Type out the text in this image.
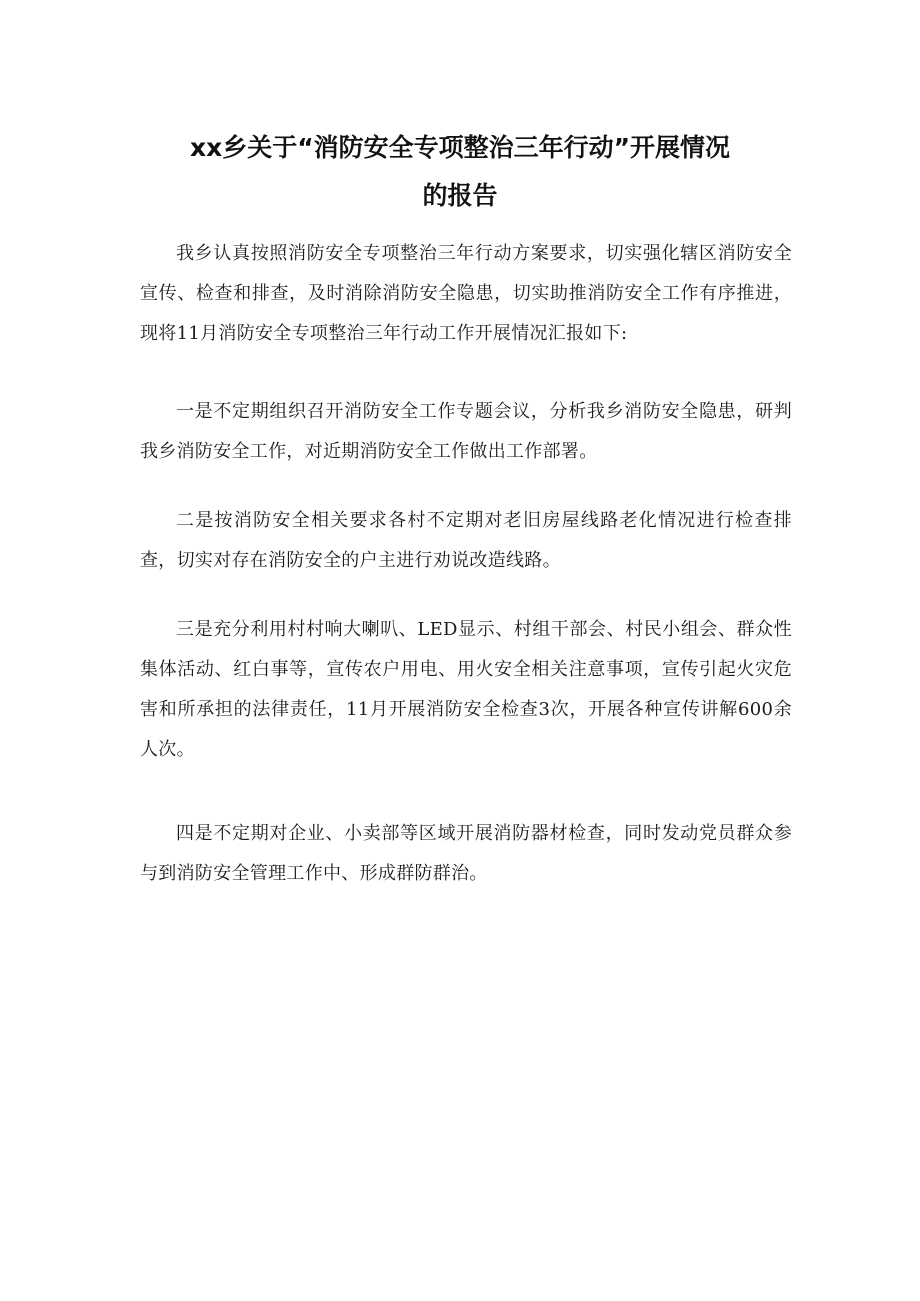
xx乡关于“消防安全专项整治三年行动”开展情况
的报告

我乡认真按照消防安全专项整治三年行动方案要求，切实强化辖区消防安全宣传、检查和排查，及时消除消防安全隐患，切实助推消防安全工作有序推进，现将11月消防安全专项整治三年行动工作开展情况汇报如下:

一是不定期组织召开消防安全工作专题会议，分析我乡消防安全隐患，研判我乡消防安全工作，对近期消防安全工作做出工作部署。

二是按消防安全相关要求各村不定期对老旧房屋线路老化情况进行检查排查，切实对存在消防安全的户主进行劝说改造线路。

三是充分利用村村响大喇叭、LED显示、村组干部会、村民小组会、群众性集体活动、红白事等，宣传农户用电、用火安全相关注意事项，宣传引起火灾危害和所承担的法律责任，11月开展消防安全检查3次，开展各种宣传讲解600余人次。

四是不定期对企业、小卖部等区域开展消防器材检查，同时发动党员群众参与到消防安全管理工作中、形成群防群治。
